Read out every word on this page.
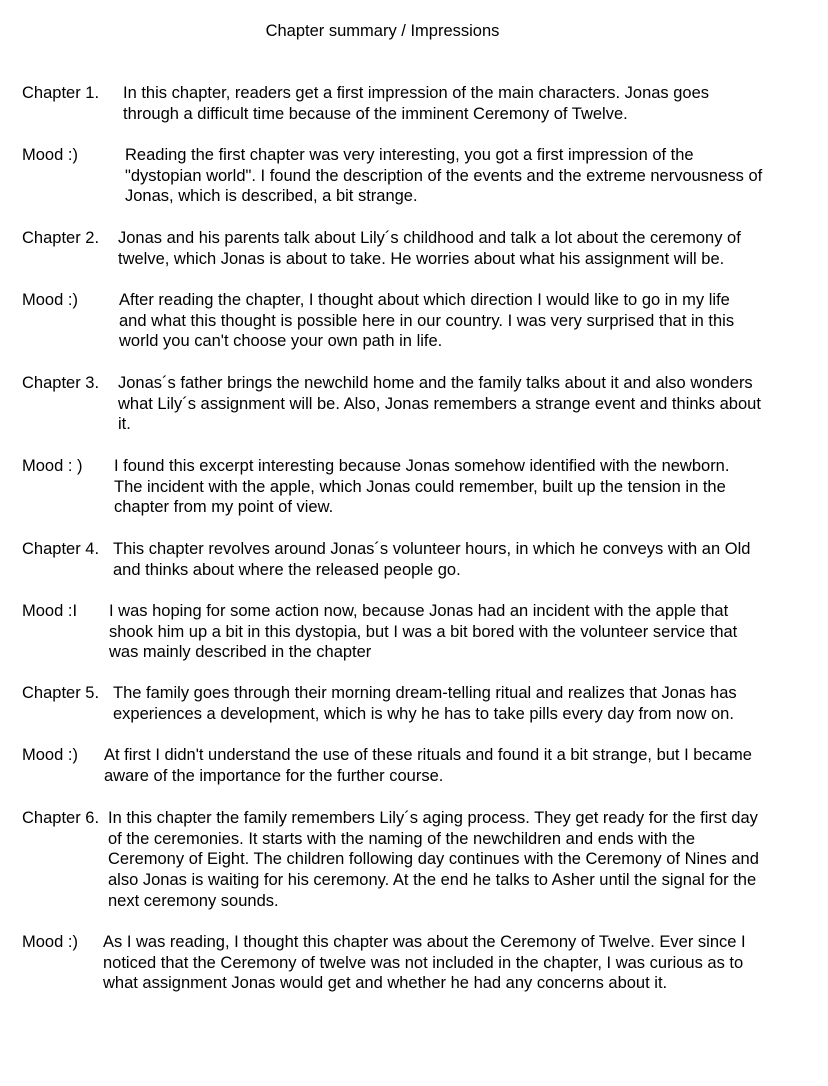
Chapter summary / Impressions
Chapter 1. In this chapter, readers get a first impression of the main characters. Jonas goes
through a difficult time because of the imminent Ceremony of Twelve.
Mood :)	Reading the first chapter was very interesting, you got a first impression of the
"dystopian world". I found the description of the events and the extreme nervousness of
Jonas, which is described, a bit strange.
Chapter 2. Jonas and his parents talk about Lily´s childhood and talk a lot about the ceremony of
twelve, which Jonas is about to take. He worries about what his assignment will be.
Mood :) After reading the chapter, I thought about which direction I would like to go in my life
and what this thought is possible here in our country. I was very surprised that in this
world you can't choose your own path in life.
Chapter 3. Jonas´s father brings the newchild home and the family talks about it and also wonders
what Lily´s assignment will be. Also, Jonas remembers a strange event and thinks about
it.
Mood : ) I found this excerpt interesting because Jonas somehow identified with the newborn.
The incident with the apple, which Jonas could remember, built up the tension in the
chapter from my point of view.
Chapter 4. This chapter revolves around Jonas´s volunteer hours, in which he conveys with an Old
and thinks about where the released people go.
Mood :I I was hoping for some action now, because Jonas had an incident with the apple that
shook him up a bit in this dystopia, but I was a bit bored with the volunteer service that
was mainly described in the chapter
Chapter 5. The family goes through their morning dream-telling ritual and realizes that Jonas has
experiences a development, which is why he has to take pills every day from now on.
Mood :) At first I didn't understand the use of these rituals and found it a bit strange, but I became
aware of the importance for the further course.
Chapter 6. In this chapter the family remembers Lily´s aging process. They get ready for the first day
of the ceremonies. It starts with the naming of the newchildren and ends with the
Ceremony of Eight. The children following day continues with the Ceremony of Nines and
also Jonas is waiting for his ceremony. At the end he talks to Asher until the signal for the
next ceremony sounds.
Mood :) As I was reading, I thought this chapter was about the Ceremony of Twelve. Ever since I
noticed that the Ceremony of twelve was not included in the chapter, I was curious as to
what assignment Jonas would get and whether he had any concerns about it.
